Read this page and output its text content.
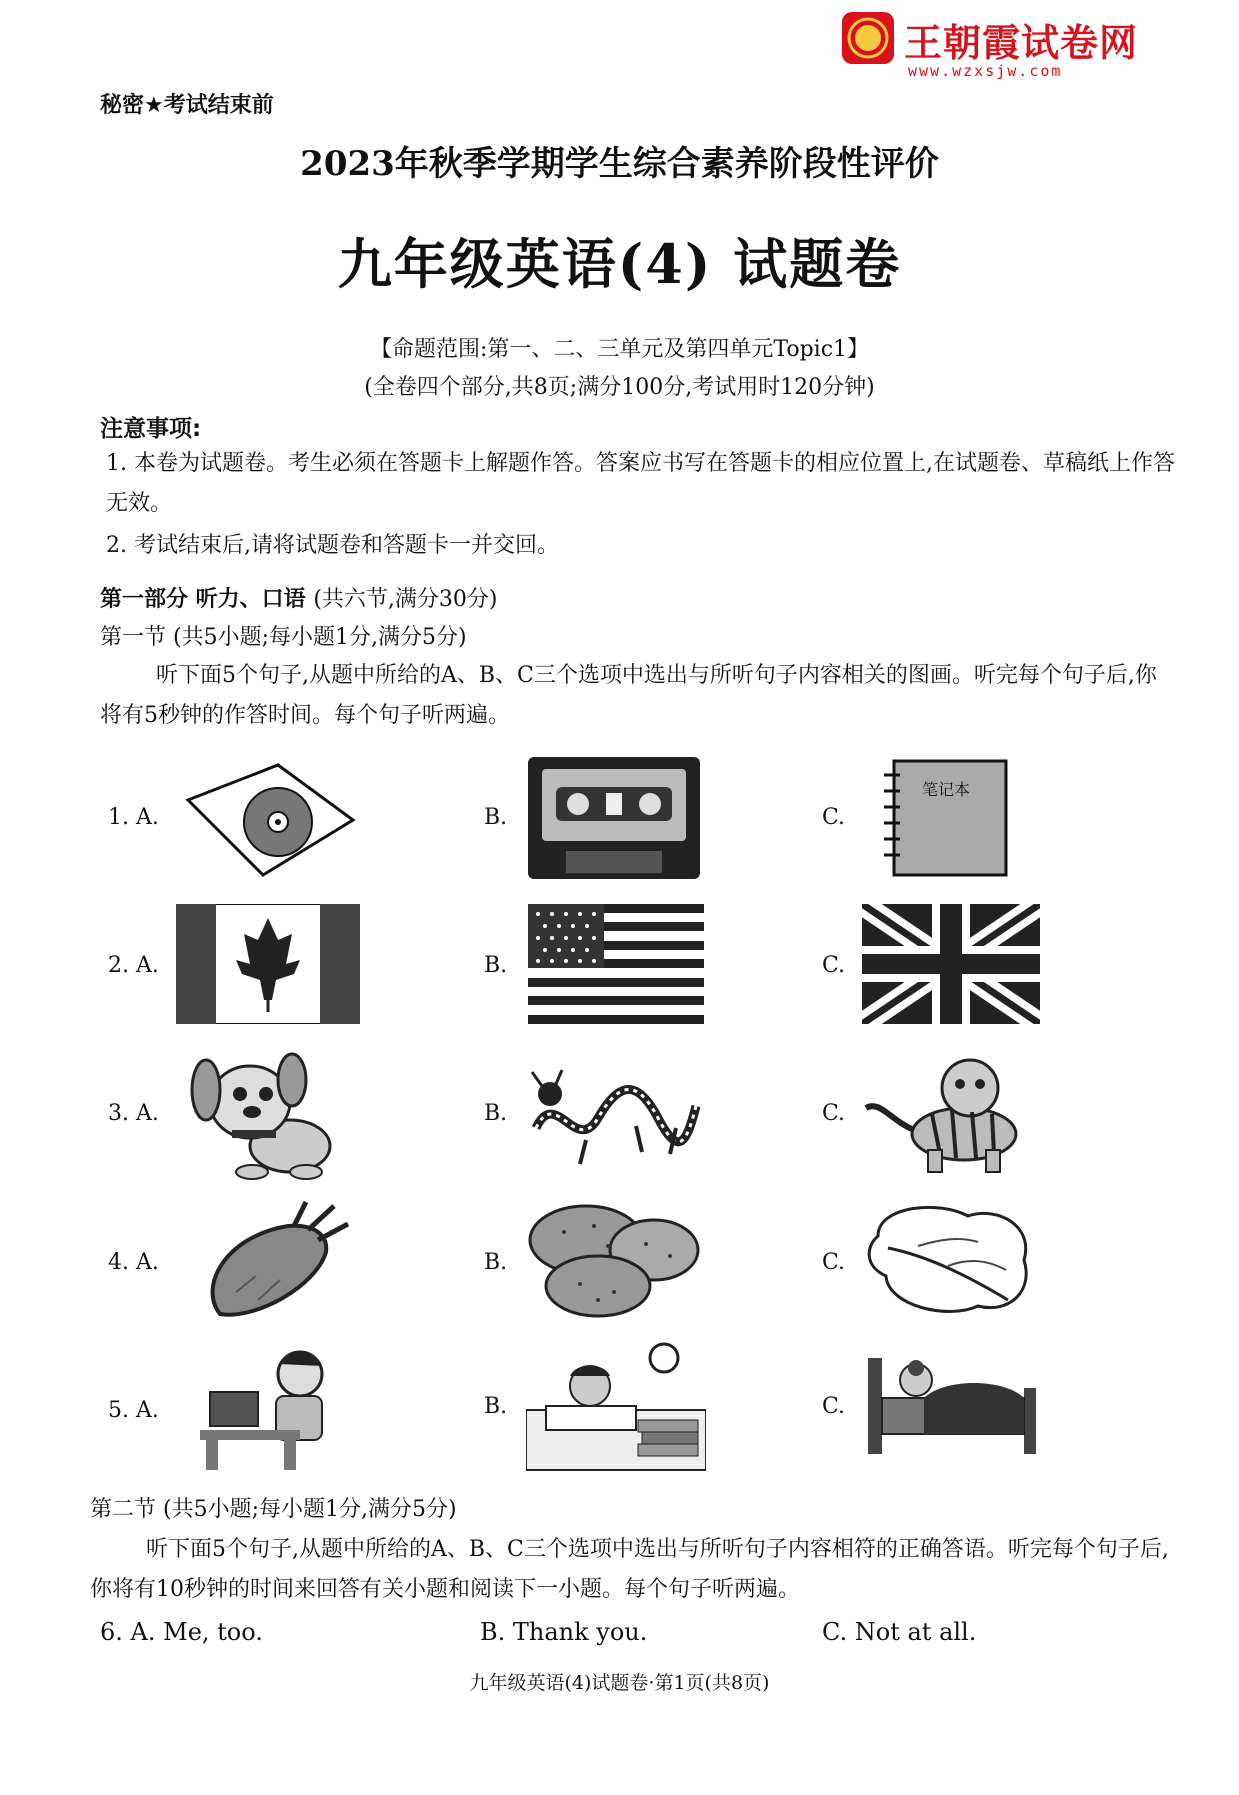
王朝霞试卷网
www.wzxsjw.com
秘密★考试结束前
2023年秋季学期学生综合素养阶段性评价
九年级英语(4) 试题卷
【命题范围:第一、二、三单元及第四单元Topic1】
(全卷四个部分,共8页;满分100分,考试用时120分钟)
注意事项:
1. 本卷为试题卷。考生必须在答题卡上解题作答。答案应书写在答题卡的相应位置上,在试题卷、草稿纸上作答无效。
2. 考试结束后,请将试题卷和答题卡一并交回。
第一部分 听力、口语 (共六节,满分30分)
第一节 (共5小题;每小题1分,满分5分)
听下面5个句子,从题中所给的A、B、C三个选项中选出与所听句子内容相关的图画。听完每个句子后,你将有5秒钟的作答时间。每个句子听两遍。
1. A.	B.	C.
笔记本
2. A.	B.	C.
3. A.	B.	C.
4. A.	B.	C.
5. A.	B.	C.
第二节 (共5小题;每小题1分,满分5分)
听下面5个句子,从题中所给的A、B、C三个选项中选出与所听句子内容相符的正确答语。听完每个句子后,你将有10秒钟的时间来回答有关小题和阅读下一小题。每个句子听两遍。
6. A. Me, too.	B. Thank you.	C. Not at all.
九年级英语(4)试题卷·第1页(共8页)
